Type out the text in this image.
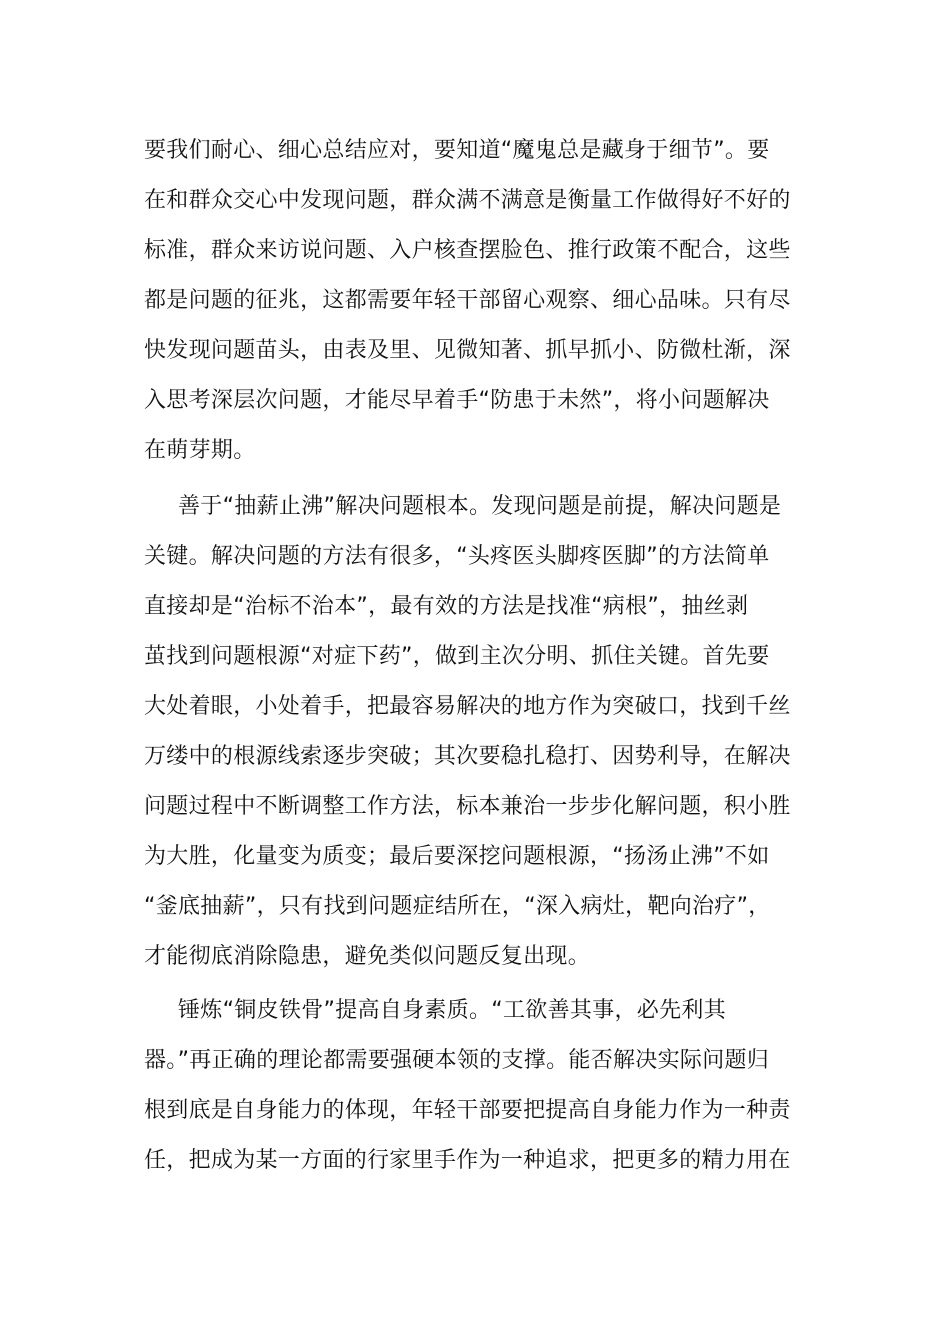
要我们耐心、细心总结应对，要知道“魔鬼总是藏身于细节”。要
在和群众交心中发现问题，群众满不满意是衡量工作做得好不好的
标准，群众来访说问题、入户核查摆脸色、推行政策不配合，这些
都是问题的征兆，这都需要年轻干部留心观察、细心品味。只有尽
快发现问题苗头，由表及里、见微知著、抓早抓小、防微杜渐，深
入思考深层次问题，才能尽早着手“防患于未然”，将小问题解决
在萌芽期。
善于“抽薪止沸”解决问题根本。发现问题是前提，解决问题是
关键。解决问题的方法有很多，“头疼医头脚疼医脚”的方法简单
直接却是“治标不治本”，最有效的方法是找准“病根”，抽丝剥
茧找到问题根源“对症下药”，做到主次分明、抓住关键。首先要
大处着眼，小处着手，把最容易解决的地方作为突破口，找到千丝
万缕中的根源线索逐步突破；其次要稳扎稳打、因势利导，在解决
问题过程中不断调整工作方法，标本兼治一步步化解问题，积小胜
为大胜，化量变为质变；最后要深挖问题根源，“扬汤止沸”不如
“釜底抽薪”，只有找到问题症结所在，“深入病灶，靶向治疗”，
才能彻底消除隐患，避免类似问题反复出现。
锤炼“铜皮铁骨”提高自身素质。“工欲善其事，必先利其
器。”再正确的理论都需要强硬本领的支撑。能否解决实际问题归
根到底是自身能力的体现，年轻干部要把提高自身能力作为一种责
任，把成为某一方面的行家里手作为一种追求，把更多的精力用在
